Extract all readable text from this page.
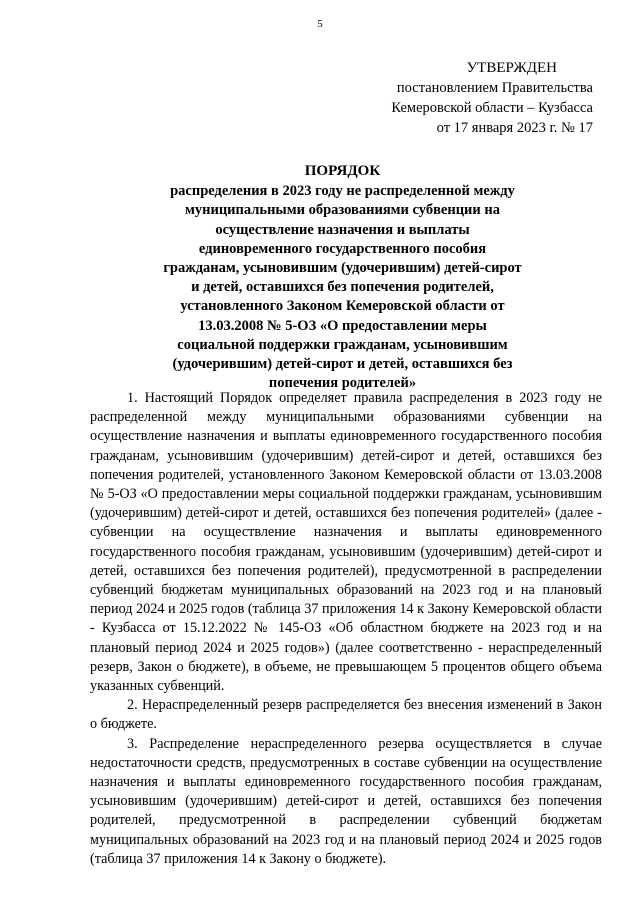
5
УТВЕРЖДЕН
постановлением Правительства
Кемеровской области – Кузбасса
от 17 января 2023 г. № 17
ПОРЯДОК
распределения в 2023 году не распределенной между
муниципальными образованиями субвенции на
осуществление назначения и выплаты
единовременного государственного пособия
гражданам, усыновившим (удочерившим) детей-сирот
и детей, оставшихся без попечения родителей,
установленного Законом Кемеровской области от
13.03.2008 № 5-ОЗ «О предоставлении меры
социальной поддержки гражданам, усыновившим
(удочерившим) детей-сирот и детей, оставшихся без
попечения родителей»

1. Настоящий Порядок определяет правила распределения в 2023 году не распределенной между муниципальными образованиями субвенции на осуществление назначения и выплаты единовременного государственного пособия гражданам, усыновившим (удочерившим) детей-сирот и детей, оставшихся без попечения родителей, установленного Законом Кемеровской области от 13.03.2008 № 5-ОЗ «О предоставлении меры социальной поддержки гражданам, усыновившим (удочерившим) детей-сирот и детей, оставшихся без попечения родителей» (далее - субвенции на осуществление назначения и выплаты единовременного государственного пособия гражданам, усыновившим (удочерившим) детей-сирот и детей, оставшихся без попечения родителей), предусмотренной в распределении субвенций бюджетам муниципальных образований на 2023 год и на плановый период 2024 и 2025 годов (таблица 37 приложения 14 к Закону Кемеровской области - Кузбасса от 15.12.2022 № 145-ОЗ «Об областном бюджете на 2023 год и на плановый период 2024 и 2025 годов») (далее соответственно - нераспределенный резерв, Закон о бюджете), в объеме, не превышающем 5 процентов общего объема указанных субвенций.

2. Нераспределенный резерв распределяется без внесения изменений в Закон о бюджете.

3. Распределение нераспределенного резерва осуществляется в случае недостаточности средств, предусмотренных в составе субвенции на осуществление назначения и выплаты единовременного государственного пособия гражданам, усыновившим (удочерившим) детей-сирот и детей, оставшихся без попечения родителей, предусмотренной в распределении субвенций бюджетам муниципальных образований на 2023 год и на плановый период 2024 и 2025 годов (таблица 37 приложения 14 к Закону о бюджете).
